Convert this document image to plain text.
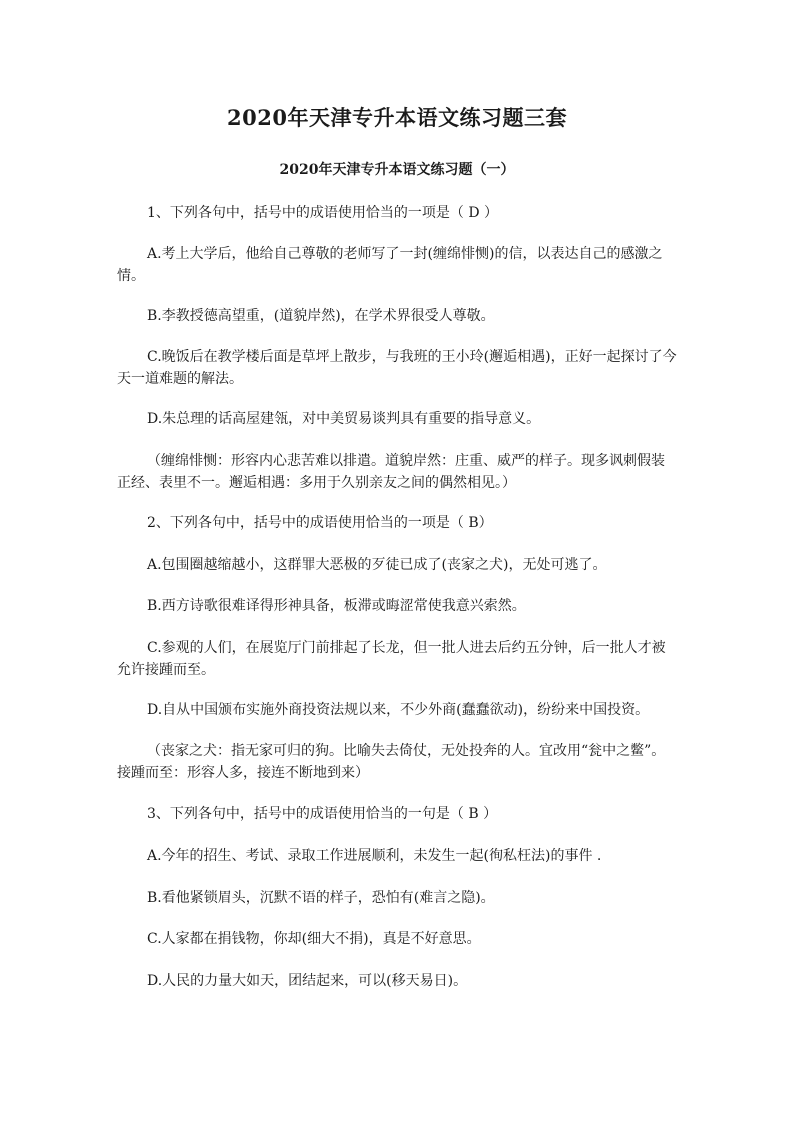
2020年天津专升本语文练习题三套
2020年天津专升本语文练习题（一）
1、下列各句中，括号中的成语使用恰当的一项是（ D ）
A.考上大学后，他给自己尊敬的老师写了一封(缠绵悱恻)的信，以表达自己的感激之情。
B.李教授德高望重，(道貌岸然)，在学术界很受人尊敬。
C.晚饭后在教学楼后面是草坪上散步，与我班的王小玲(邂逅相遇)，正好一起探讨了今天一道难题的解法。
D.朱总理的话高屋建瓴，对中美贸易谈判具有重要的指导意义。
（缠绵悱恻：形容内心悲苦难以排遣。道貌岸然：庄重、威严的样子。现多讽刺假装正经、表里不一。邂逅相遇：多用于久别亲友之间的偶然相见。）
2、下列各句中，括号中的成语使用恰当的一项是（ B）
A.包围圈越缩越小，这群罪大恶极的歹徒已成了(丧家之犬)，无处可逃了。
B.西方诗歌很难译得形神具备，板滞或晦涩常使我意兴索然。
C.参观的人们，在展览厅门前排起了长龙，但一批人进去后约五分钟，后一批人才被允许接踵而至。
D.自从中国颁布实施外商投资法规以来，不少外商(蠢蠢欲动)，纷纷来中国投资。
（丧家之犬：指无家可归的狗。比喻失去倚仗，无处投奔的人。宜改用“瓮中之鳖”。接踵而至：形容人多，接连不断地到来）
3、下列各句中，括号中的成语使用恰当的一句是（ B ）
A.今年的招生、考试、录取工作进展顺利，未发生一起(徇私枉法)的事件 .
B.看他紧锁眉头，沉默不语的样子，恐怕有(难言之隐)。
C.人家都在捐钱物，你却(细大不捐)，真是不好意思。
D.人民的力量大如天，团结起来，可以(移天易日)。
